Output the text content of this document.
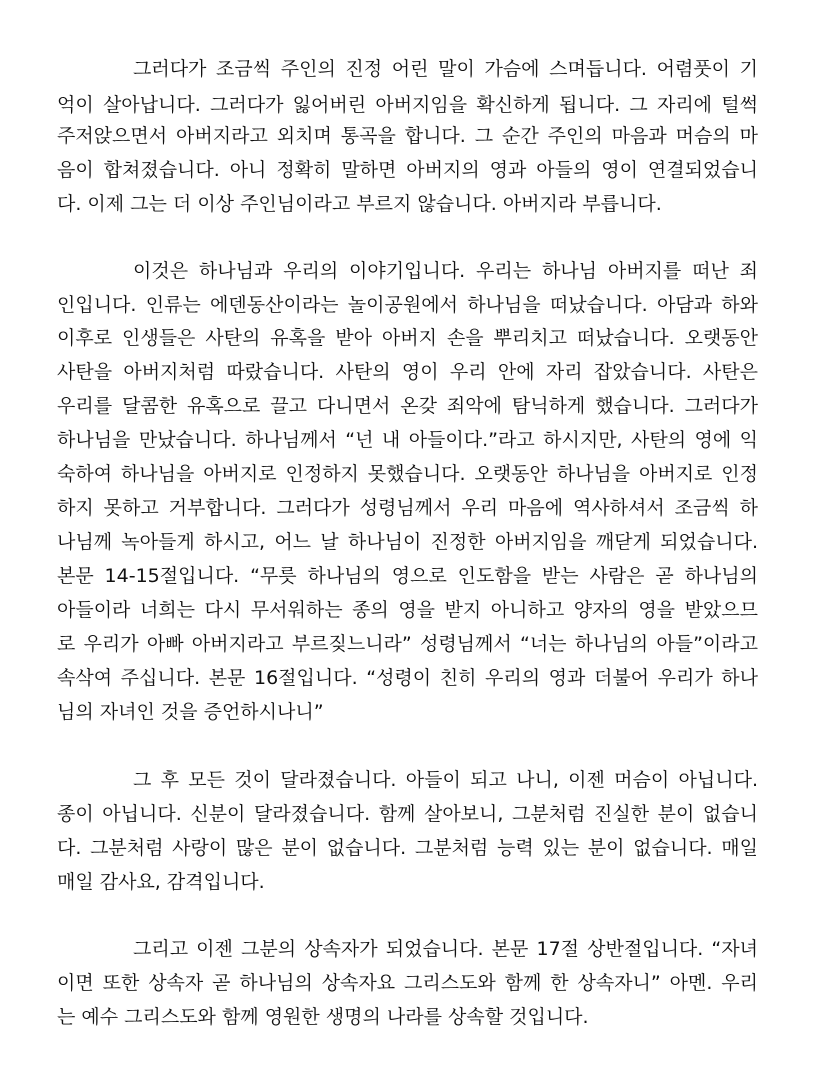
그러다가 조금씩 주인의 진정 어린 말이 가슴에 스며듭니다. 어렴풋이 기
억이 살아납니다. 그러다가 잃어버린 아버지임을 확신하게 됩니다. 그 자리에 털썩
주저앉으면서 아버지라고 외치며 통곡을 합니다. 그 순간 주인의 마음과 머슴의 마
음이 합쳐졌습니다. 아니 정확히 말하면 아버지의 영과 아들의 영이 연결되었습니
다. 이제 그는 더 이상 주인님이라고 부르지 않습니다. 아버지라 부릅니다.
이것은 하나님과 우리의 이야기입니다. 우리는 하나님 아버지를 떠난 죄
인입니다. 인류는 에덴동산이라는 놀이공원에서 하나님을 떠났습니다. 아담과 하와
이후로 인생들은 사탄의 유혹을 받아 아버지 손을 뿌리치고 떠났습니다. 오랫동안
사탄을 아버지처럼 따랐습니다. 사탄의 영이 우리 안에 자리 잡았습니다. 사탄은
우리를 달콤한 유혹으로 끌고 다니면서 온갖 죄악에 탐닉하게 했습니다. 그러다가
하나님을 만났습니다. 하나님께서 “넌 내 아들이다.”라고 하시지만, 사탄의 영에 익
숙하여 하나님을 아버지로 인정하지 못했습니다. 오랫동안 하나님을 아버지로 인정
하지 못하고 거부합니다. 그러다가 성령님께서 우리 마음에 역사하셔서 조금씩 하
나님께 녹아들게 하시고, 어느 날 하나님이 진정한 아버지임을 깨닫게 되었습니다.
본문 14-15절입니다. “무릇 하나님의 영으로 인도함을 받는 사람은 곧 하나님의
아들이라 너희는 다시 무서워하는 종의 영을 받지 아니하고 양자의 영을 받았으므
로 우리가 아빠 아버지라고 부르짖느니라” 성령님께서 “너는 하나님의 아들”이라고
속삭여 주십니다. 본문 16절입니다. “성령이 친히 우리의 영과 더불어 우리가 하나
님의 자녀인 것을 증언하시나니”
그 후 모든 것이 달라졌습니다. 아들이 되고 나니, 이젠 머슴이 아닙니다.
종이 아닙니다. 신분이 달라졌습니다. 함께 살아보니, 그분처럼 진실한 분이 없습니
다. 그분처럼 사랑이 많은 분이 없습니다. 그분처럼 능력 있는 분이 없습니다. 매일
매일 감사요, 감격입니다.
그리고 이젠 그분의 상속자가 되었습니다. 본문 17절 상반절입니다. “자녀
이면 또한 상속자 곧 하나님의 상속자요 그리스도와 함께 한 상속자니” 아멘. 우리
는 예수 그리스도와 함께 영원한 생명의 나라를 상속할 것입니다.
